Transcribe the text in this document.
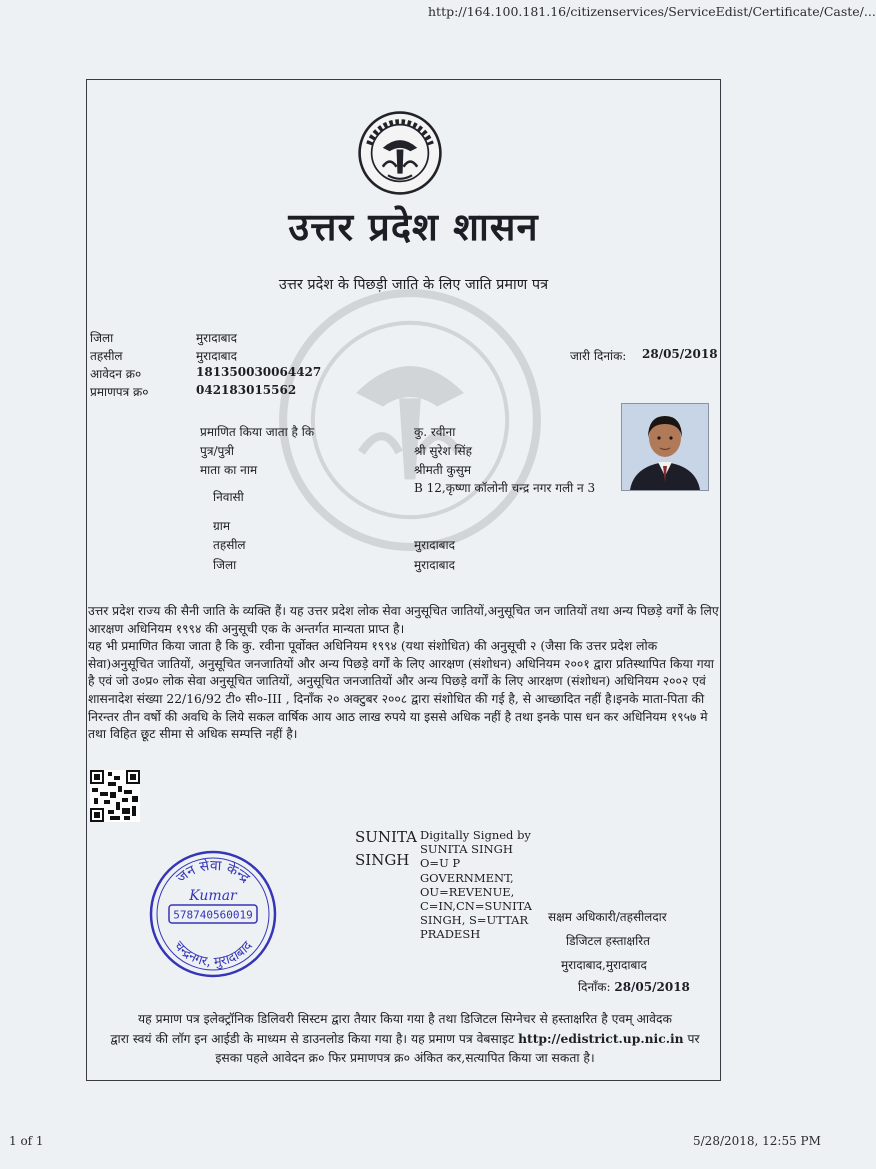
http://164.100.181.16/citizenservices/ServiceEdist/Certificate/Caste/...
उत्तर प्रदेश शासन
उत्तर प्रदेश के पिछड़ी जाति के लिए जाति प्रमाण पत्र
जिला	मुरादाबाद
तहसील	मुरादाबाद
आवेदन क्र०	181350030064427
प्रमाणपत्र क्र०	042183015562
जारी दिनांक: 28/05/2018
प्रमाणित किया जाता है कि	कु. रवीना
पुत्र/पुत्री	श्री सुरेश सिंह
माता का नाम	श्रीमती कुसुम
निवासी
B 12,कृष्णा कॉलोनी चन्द्र नगर गली न 3
ग्राम
तहसील	मुरादाबाद
जिला	मुरादाबाद

उत्तर प्रदेश राज्य की सैनी जाति के व्यक्ति हैं। यह उत्तर प्रदेश लोक सेवा अनुसूचित जातियों,अनुसूचित जन जातियों तथा अन्य पिछड़े वर्गों के लिए आरक्षण अधिनियम १९९४ की अनुसूची एक के अन्तर्गत मान्यता प्राप्त है।

यह भी प्रमाणित किया जाता है कि कु. रवीना पूर्वोक्त अधिनियम १९९४ (यथा संशोधित) की अनुसूची २ (जैसा कि उत्तर प्रदेश लोक सेवा)अनुसूचित जातियों, अनुसूचित जनजातियों और अन्य पिछड़े वर्गों के लिए आरक्षण (संशोधन) अधिनियम २००१ द्वारा प्रतिस्थापित किया गया है एवं जो उ०प्र० लोक सेवा अनुसूचित जातियों, अनुसूचित जनजातियों और अन्य पिछड़े वर्गों के लिए आरक्षण (संशोधन) अधिनियम २००२ एवं शासनादेश संख्या 22/16/92 टी० सी०-III , दिनाँक २० अक्टुबर २००८ द्वारा संशोधित की गई है, से आच्छादित नहीं है।इनके माता-पिता की निरन्तर तीन वर्षो की अवधि के लिये सकल वार्षिक आय आठ लाख रुपये या इससे अधिक नहीं है तथा इनके पास धन कर अधिनियम १९५७ मे तथा विहित छूट सीमा से अधिक सम्पत्ति नहीं है।

जन सेवा केन्द्र
चन्द्रनगर, मुरादाबाद
Kumar
578740560019
SUNITA
SINGH
Digitally Signed by
SUNITA SINGH
O=U P
GOVERNMENT,
OU=REVENUE,
C=IN,CN=SUNITA
SINGH, S=UTTAR
PRADESH
सक्षम अधिकारी/तहसीलदार
डिजिटल हस्ताक्षरित
मुरादाबाद,मुरादाबाद
दिनाँक: 28/05/2018
यह प्रमाण पत्र इलेक्ट्रॉनिक डिलिवरी सिस्टम द्वारा तैयार किया गया है तथा डिजिटल सिग्नेचर से हस्ताक्षरित है एवम् आवेदक
द्वारा स्वयं की लॉग इन आईडी के माध्यम से डाउनलोड किया गया है। यह प्रमाण पत्र वेबसाइट http://edistrict.up.nic.in पर
इसका पहले आवेदन क्र० फिर प्रमाणपत्र क्र० अंकित कर,सत्यापित किया जा सकता है।
1 of 1	5/28/2018, 12:55 PM
